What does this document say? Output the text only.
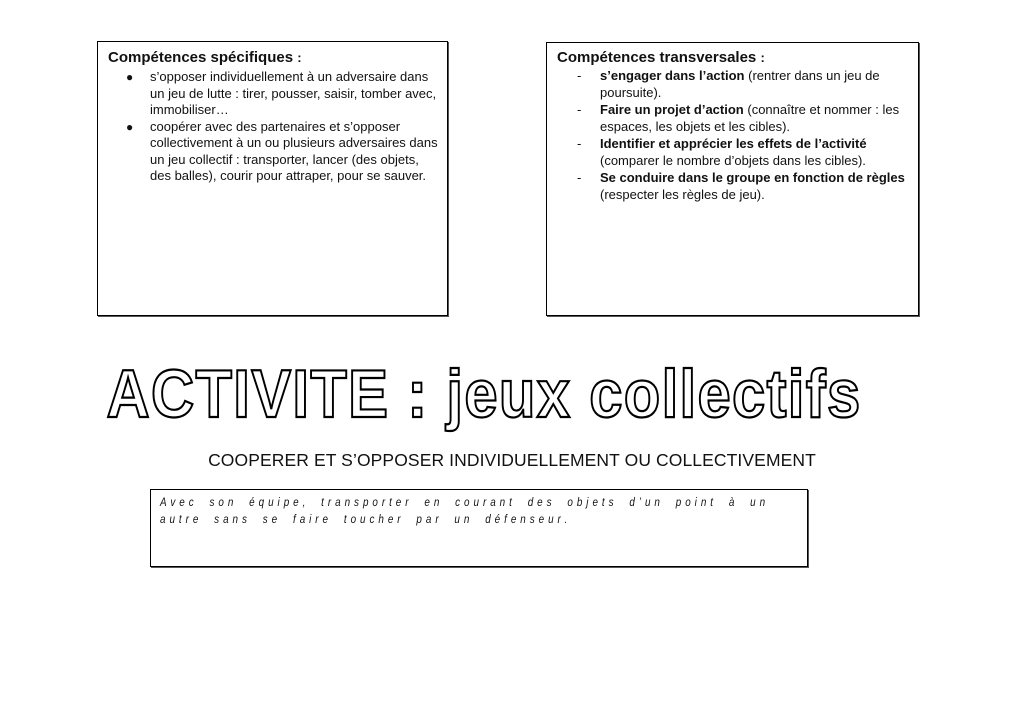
Compétences spécifiques :
● s’opposer individuellement à un adversaire dans un jeu de lutte : tirer, pousser, saisir, tomber avec, immobiliser…
● coopérer avec des partenaires et s’opposer collectivement à un ou plusieurs adversaires dans un jeu collectif : transporter, lancer (des objets, des balles), courir pour attraper, pour se sauver.
Compétences transversales :
- s’engager dans l’action (rentrer dans un jeu de poursuite).
- Faire un projet d’action (connaître et nommer : les espaces, les objets et les cibles).
- Identifier et apprécier les effets de l’activité (comparer le nombre d’objets dans les cibles).
- Se conduire dans le groupe en fonction de règles (respecter les règles de jeu).
ACTIVITE : jeux collectifs
COOPERER ET S’OPPOSER INDIVIDUELLEMENT OU COLLECTIVEMENT
Avec son équipe, transporter en courant des objets d’un point à un autre sans se faire toucher par un défenseur.
